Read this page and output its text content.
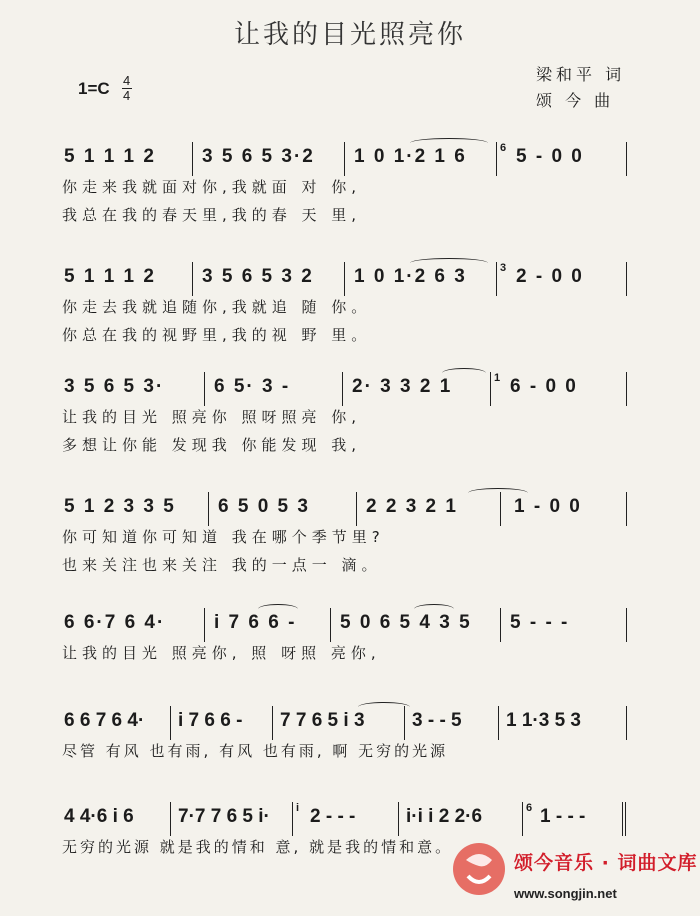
让我的目光照亮你
1=C 4
4
梁和平 词
颂 今 曲

5 1 1 1 2

3 5 6 5 3·2

1 0 1·2 1 6

	6

5 - 0 0

你走来我就面对你,我就面 对 你,
我总在我的春天里,我的春 天 里,

5 1 1 1 2

3 5 6 5 3 2

1 0 1·2 6 3

	3

2 - 0 0

你走去我就追随你,我就追 随 你。
你总在我的视野里,我的视 野 里。

3 5 6 5 3·

	6 5· 3 -

	2· 3 3 2 1

	1

6 - 0 0

让我的目光 照亮你 照呀照亮 你,
多想让你能 发现我 你能发现 我,

5 1 2 3 3 5

6 5 0 5 3

	2 2 3 2 1

	1 - 0 0

你可知道你可知道 我在哪个季节里?
也来关注也来关注 我的一点一 滴。

6 6·7 6 4·

	i 7 6 6 -

5 0 6 5 4 3 5

5 - - -

让我的目光 照亮你, 照 呀照 亮你,

6 6 7 6 4·

i 7 6 6 -

7 7 6 5 i 3

3 - - 5

1 1·3 5 3

尽管 有风 也有雨, 有风 也有雨, 啊 无穷的光源

4 4·6 i 6

7·7 7 6 5 i·

i

2 - - -

	i·i i 2 2·6

	6

1 - - -

无穷的光源 就是我的情和 意, 就是我的情和意。
颂今音乐 · 词曲文库
www.songjin.net
